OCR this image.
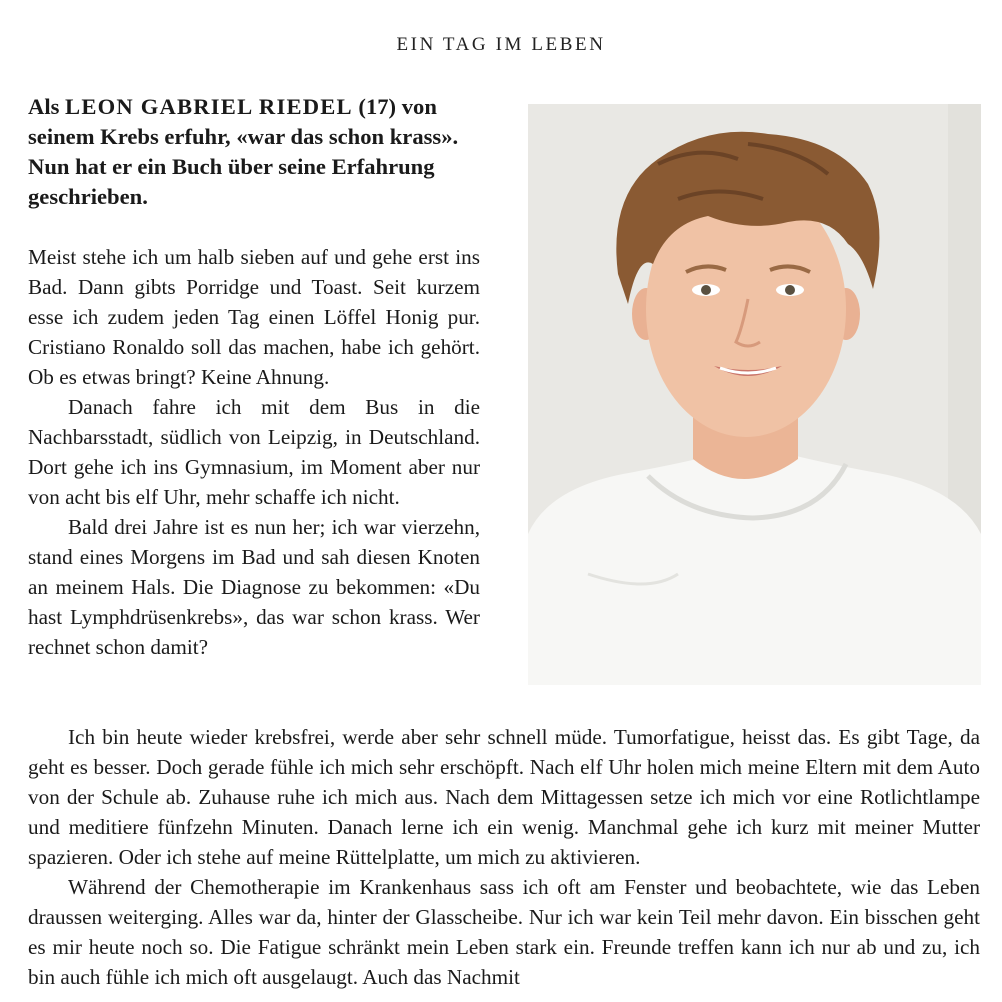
EIN TAG IM LEBEN

Als LEON GABRIEL RIEDEL (17) von seinem Krebs erfuhr, «war das schon krass». Nun hat er ein Buch über seine Erfahrung geschrieben.

Meist stehe ich um halb sieben auf und gehe erst ins Bad. Dann gibts Porridge und Toast. Seit kurzem esse ich zudem jeden Tag einen Löffel Honig pur. Cristiano Ronaldo soll das machen, habe ich gehört. Ob es etwas bringt? Keine Ahnung.

Danach fahre ich mit dem Bus in die Nachbarsstadt, südlich von Leipzig, in Deutschland. Dort gehe ich ins Gymnasium, im Moment aber nur von acht bis elf Uhr, mehr schaffe ich nicht.

Bald drei Jahre ist es nun her; ich war vierzehn, stand eines Morgens im Bad und sah diesen Knoten an meinem Hals. Die Diagnose zu bekommen: «Du hast Lymphdrüsenkrebs», das war schon krass. Wer rechnet schon damit?

Ich bin heute wieder krebsfrei, werde aber sehr schnell müde. Tumorfatigue, heisst das. Es gibt Tage, da geht es besser. Doch gerade fühle ich mich sehr erschöpft. Nach elf Uhr holen mich meine Eltern mit dem Auto von der Schule ab. Zuhause ruhe ich mich aus. Nach dem Mittagessen setze ich mich vor eine Rotlichtlampe und meditiere fünfzehn Minuten. Danach lerne ich ein wenig. Manchmal gehe ich kurz mit meiner Mutter spazieren. Oder ich stehe auf meine Rüttelplatte, um mich zu aktivieren.

Während der Chemotherapie im Krankenhaus sass ich oft am Fenster und beobachtete, wie das Leben draussen weiterging. Alles war da, hinter der Glasscheibe. Nur ich war kein Teil mehr davon. Ein bisschen geht es mir heute noch so. Die Fatigue schränkt mein Leben stark ein. Freunde treffen kann ich nur ab und zu, ich bin auch fühle ich mich oft ausgelaugt. Auch das Nachmit
